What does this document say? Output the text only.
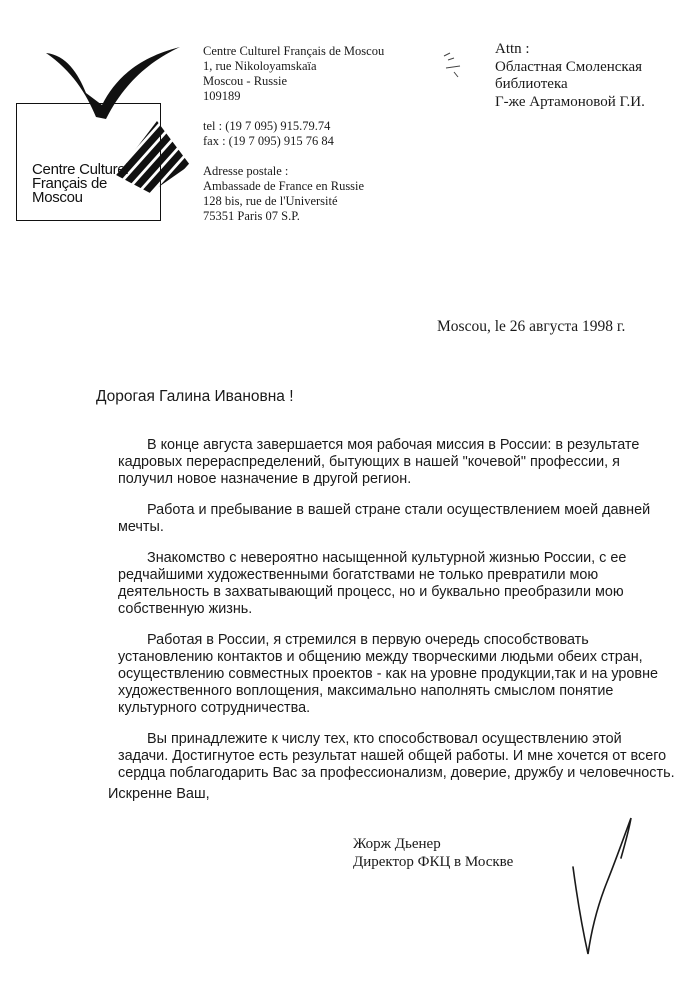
Centre Culturel
Français de
Moscou
Centre Culturel Français de Moscou
1, rue Nikoloyamskaïa
Moscou - Russie
109189
tel : (19 7 095) 915.79.74
fax : (19 7 095) 915 76 84
Adresse postale :
Ambassade de France en Russie
128 bis, rue de l'Université
75351 Paris 07 S.P.
Attn :
Областная Смоленская
библиотека
Г-же Артамоновой Г.И.
Moscou, le 26 августа 1998 г.
Дорогая Галина Ивановна !
В конце августа завершается моя рабочая миссия в России: в результате
кадровых перераспределений, бытующих в нашей "кочевой" профессии, я
получил новое назначение в другой регион.
Работа и пребывание в вашей стране стали осуществлением моей давней
мечты.
Знакомство с невероятно насыщенной культурной жизнью России, с ее
редчайшими художественными богатствами не только превратили мою
деятельность в захватывающий процесс, но и буквально преобразили мою
собственную жизнь.
Работая в России, я стремился в первую очередь способствовать
установлению контактов и общению между творческими людьми обеих стран,
осуществлению совместных проектов - как на уровне продукции,так и на уровне
художественного воплощения, максимально наполнять смыслом понятие
культурного сотрудничества.
Вы принадлежите к числу тех, кто способствовал осуществлению этой
задачи. Достигнутое есть результат нашей общей работы. И мне хочется от всего
сердца поблагодарить Вас за профессионализм, доверие, дружбу и человечность.
Искренне Ваш,
Жорж Дьенер
Директор ФКЦ в Москве
